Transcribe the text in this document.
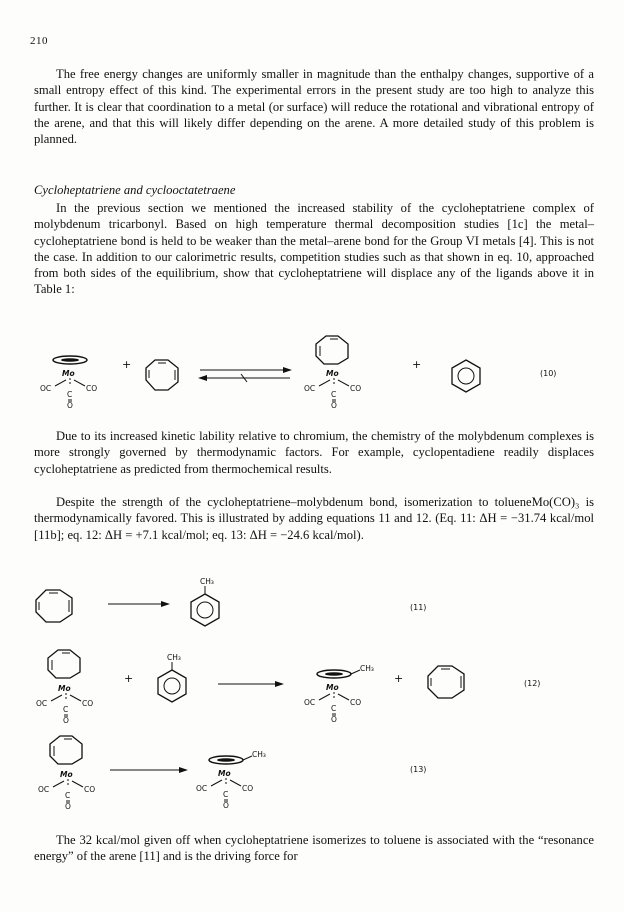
210

The free energy changes are uniformly smaller in magnitude than the enthalpy changes, supportive of a small entropy effect of this kind. The experimental errors in the present study are too high to analyze this further. It is clear that coordination to a metal (or surface) will reduce the rotational and vibrational entropy of the arene, and that this will likely differ depending on the arene. A more detailed study of this problem is planned.

Cycloheptatriene and cyclooctatetraene

In the previous section we mentioned the increased stability of the cycloheptatriene complex of molybdenum tricarbonyl. Based on high temperature thermal decomposition studies [1c] the metal–cycloheptatriene bond is held to be weaker than the metal–arene bond for the Group VI metals [4]. This is not the case. In addition to our calorimetric results, competition studies such as that shown in eq. 10, approached from both sides of the equilibrium, show that cycloheptatriene will displace any of the ligands above it in Table 1:

Mo
OC	CO
C
O
+
Mo
OC	CO
C
O
+
(10)

Due to its increased kinetic lability relative to chromium, the chemistry of the molybdenum complexes is more strongly governed by thermodynamic factors. For example, cyclopentadiene readily displaces cycloheptatriene as predicted from thermochemical results.

Despite the strength of the cycloheptatriene–molybdenum bond, isomerization to tolueneMo(CO)₃ is thermodynamically favored. This is illustrated by adding equations 11 and 12. (Eq. 11: ΔH = −31.74 kcal/mol [11b]; eq. 12: ΔH = +7.1 kcal/mol; eq. 13: ΔH = −24.6 kcal/mol).

CH₃
(11)
Mo
OC	CO
C
O
+
CH₃
CH₃
Mo
OC	CO
C
O
+	(12)
Mo
OC	CO
C
O
CH₃
Mo
OC	CO
C
O
(13)

The 32 kcal/mol given off when cycloheptatriene isomerizes to toluene is associated with the “resonance energy” of the arene [11] and is the driving force for
